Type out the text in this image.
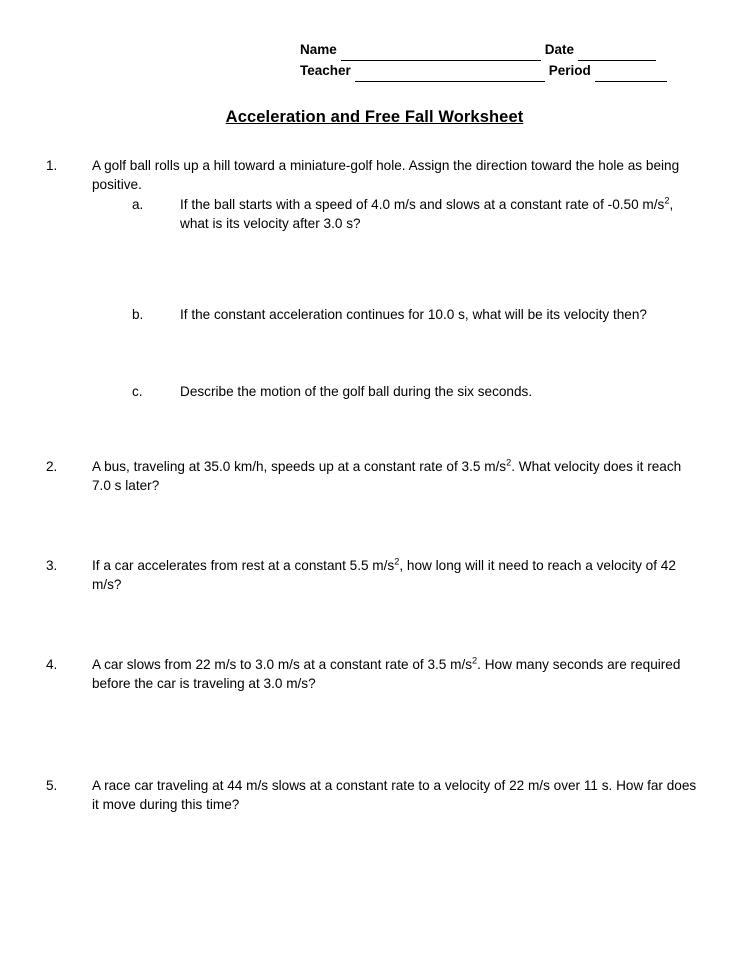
Name	Date
Teacher	Period
Acceleration and Free Fall Worksheet
1.	A golf ball rolls up a hill toward a miniature-golf hole. Assign the direction toward the hole as being positive.

a.	If the ball starts with a speed of 4.0 m/s and slows at a constant rate of -0.50 $m/s^2$, what is its velocity after 3.0 s?
b.	If the constant acceleration continues for 10.0 s, what will be its velocity then?
c.	Describe the motion of the golf ball during the six seconds.
2.	A bus, traveling at 35.0 km/h, speeds up at a constant rate of 3.5 $m/s^2$. What velocity does it reach 7.0 s later?

3.	If a car accelerates from rest at a constant 5.5 $m/s^2$, how long will it need to reach a velocity of 42 m/s?

4.	A car slows from 22 m/s to 3.0 m/s at a constant rate of 3.5 $m/s^2$. How many seconds are required before the car is traveling at 3.0 m/s?

5.	A race car traveling at 44 m/s slows at a constant rate to a velocity of 22 m/s over 11 s. How far does it move during this time?
